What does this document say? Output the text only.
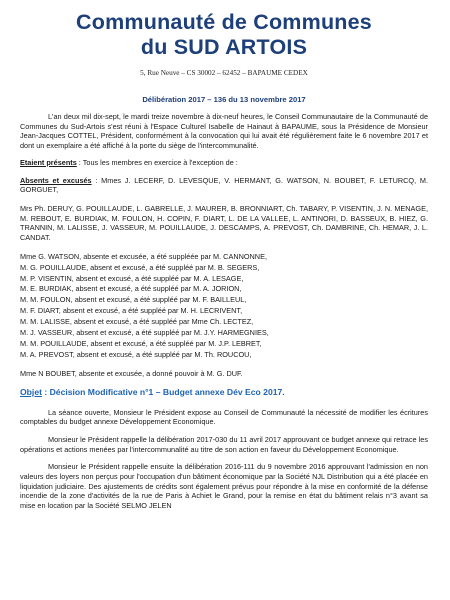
Communauté de Communes
du SUD ARTOIS
5, Rue Neuve – CS 30002 – 62452 – BAPAUME CEDEX
Délibération 2017 – 136 du 13 novembre 2017

L'an deux mil dix-sept, le mardi treize novembre à dix-neuf heures, le Conseil Communautaire de la Communauté de Communes du Sud-Artois s'est réuni à l'Espace Culturel Isabelle de Hainaut à BAPAUME, sous la Présidence de Monsieur Jean-Jacques COTTEL, Président, conformément à la convocation qui lui avait été régulièrement faite le 6 novembre 2017 et dont un exemplaire a été affiché à la porte du siège de l'intercommunalité.

Etaient présents : Tous les membres en exercice à l'exception de :

Absents et excusés : Mmes J. LECERF, D. LEVESQUE, V. HERMANT, G. WATSON, N. BOUBET, F. LETURCQ, M. GORGUET,

Mrs Ph. DERUY, G. POUILLAUDE, L. GABRELLE, J. MAURER, B. BRONNIART, Ch. TABARY, P. VISENTIN, J. N. MENAGE, M. REBOUT, E. BURDIAK, M. FOULON, H. COPIN, F. DIART, L. DE LA VALLEE, L. ANTINORI, D. BASSEUX, B. HIEZ, G. TRANNIN, M. LALISSE, J. VASSEUR, M. POUILLAUDE, J. DESCAMPS, A. PREVOST, Ch. DAMBRINE, Ch. HEMAR, J. L. CANDAT.

Mme G. WATSON, absente et excusée, a été suppléée par M. CANNONNE,

M. G. POUILLAUDE, absent et excusé, a été suppléé par M. B. SEGERS,

M. P. VISENTIN, absent et excusé, a été suppléé par M. A. LESAGE,

M. E. BURDIAK, absent et excusé, a été suppléé par M. A. JORION,

M. M. FOULON, absent et excusé, a été suppléé par M. F. BAILLEUL,

M. F. DIART, absent et excusé, a été suppléé par M. H. LECRIVENT,

M. M. LALISSE, absent et excusé, a été suppléé par Mme Ch. LECTEZ,

M. J. VASSEUR, absent et excusé, a été suppléé par M. J.Y. HARMEGNIES,

M. M. POUILLAUDE, absent et excusé, a été suppléé par M. J.P. LEBRET,

M. A. PREVOST, absent et excusé, a été suppléé par M. Th. ROUCOU,

Mme N BOUBET, absente et excusée, a donné pouvoir à M. G. DUF.

Objet : Décision Modificative n°1 – Budget annexe Dév Eco 2017.

La séance ouverte, Monsieur le Président expose au Conseil de Communauté la nécessité de modifier les écritures comptables du budget annexe Développement Economique.

Monsieur le Président rappelle la délibération 2017-030 du 11 avril 2017 approuvant ce budget annexe qui retrace les opérations et actions menées par l'intercommunalité au titre de son action en faveur du Développement Economique.

Monsieur le Président rappelle ensuite la délibération 2016-111 du 9 novembre 2016 approuvant l'admission en non valeurs des loyers non perçus pour l'occupation d'un bâtiment économique par la Société NJL Distribution qui a été placée en liquidation judiciaire. Des ajustements de crédits sont également prévus pour répondre à la mise en conformité de la défense incendie de la zone d'activités de la rue de Paris à Achiet le Grand, pour la remise en état du bâtiment relais n°3 avant sa mise en location par la Société SELMO JELEN
